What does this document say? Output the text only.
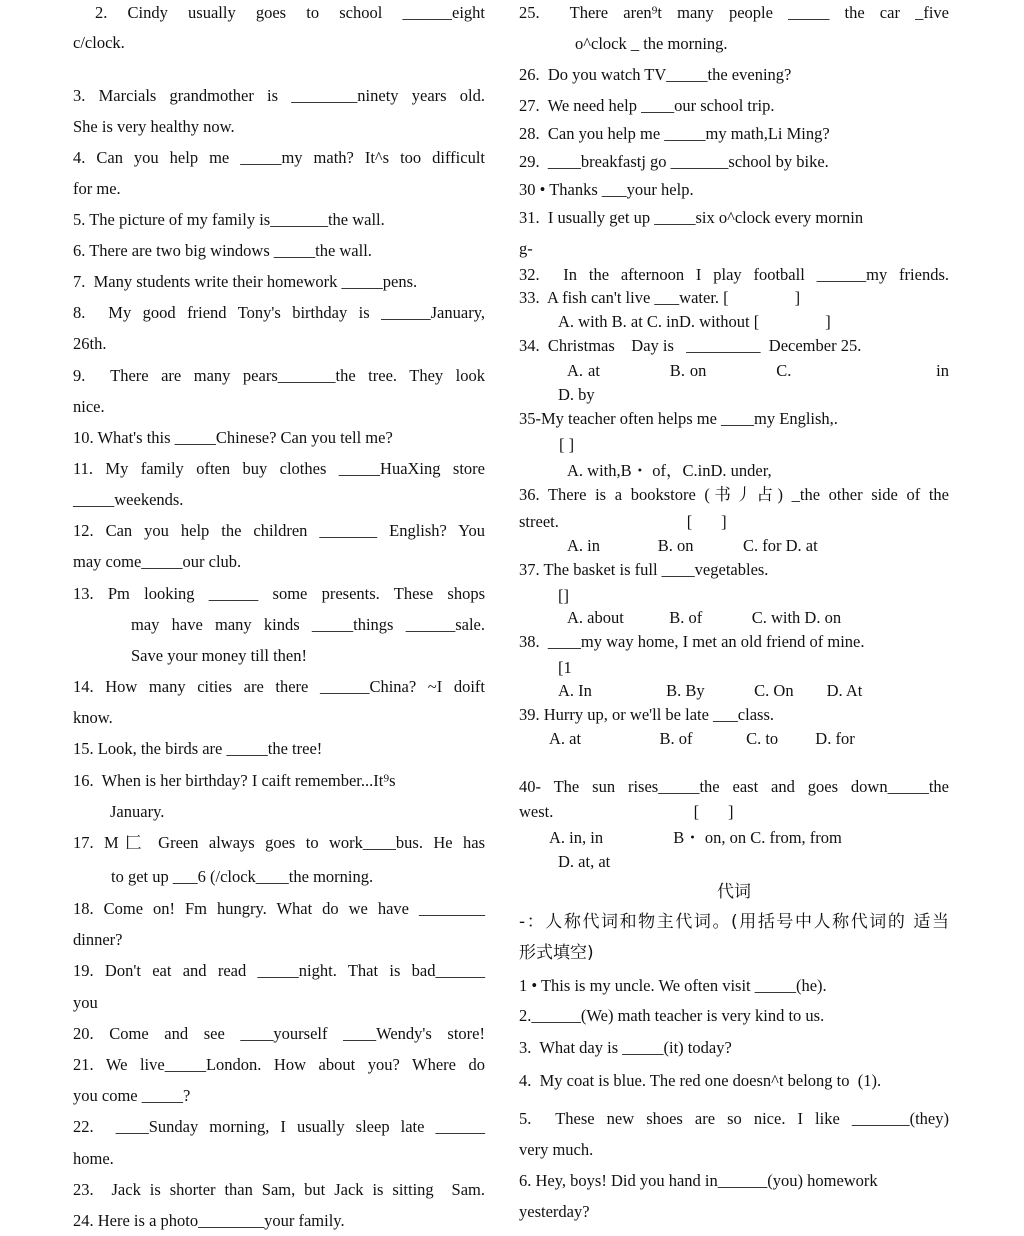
2. Cindy usually goes to school ______eight
c/clock.
3. Marcials grandmother is ________ninety years old.
She is very healthy now.
4. Can you help me _____my math? It^s too difficult
for me.
5. The picture of my family is_______the wall.
6. There are two big windows _____the wall.
7.  Many students write their homework _____pens.
8.  My good friend Tony's birthday is ______January,
26th.
9.  There are many pears_______the tree. They look
nice.
10. What's this _____Chinese? Can you tell me?
11. My family often buy clothes _____HuaXing store
_____weekends.
12. Can you help the children _______ English? You
may come_____our club.
13. Pm looking ______ some presents. These shops
may have many kinds _____things ______sale.
Save your money till then!
14. How many cities are there ______China? ~I doift
know.
15. Look, the birds are _____the tree!
16.  When is her birthday? I caift remember...It⁹s
January.
17. M匚 Green always goes to work____bus. He has
to get up ___6 (/clock____the morning.
18. Come on! Fm hungry. What do we have ________
dinner?
19. Don't eat and read _____night. That is bad______
you
20. Come and see ____yourself ____Wendy's store!
21. We live_____London. How about you? Where do
you come _____?
22.  ____Sunday morning, I usually sleep late ______
home.
23.  Jack is shorter than Sam, but Jack is sitting  Sam.
24. Here is a photo________your family.
25.  There aren⁹t many people _____ the car _five
o^clock _ the morning.
26.  Do you watch TV_____the evening?
27.  We need help ____our school trip.
28.  Can you help me _____my math,Li Ming?
29.  ____breakfastj go _______school by bike.
30 • Thanks ___your help.
31.  I usually get up _____six o^clock every mornin
g-
32.  In the afternoon I play football ______my friends.
33.  A fish can't live ___water. [                ]
A. with B. at C. inD. without [                ]
34.  Christmas    Day is   _________  December 25.
A. at              B. on              C.                             in
D. by
35-My teacher often helps me ____my English,.
[ ]
A. with,B・ of，C.inD. under,
36. There is a bookstore (书丿占) _the other side of the
street.                               [       ]
A. in              B. on            C. for D. at
37. The basket is full ____vegetables.
[]
A. about           B. of            C. with D. on
38.  ____my way home, I met an old friend of mine.
[1
A. In                  B. By            C. On        D. At
39. Hurry up, or we'll be late ___class.
A. at                   B. of             C. to         D. for
40- The sun rises_____the east and goes down_____the
west.                                  [       ]
A. in, in                 B・ on, on C. from, from
D. at, at
代词
-：人称代词和物主代词。(用括号中人称代词的 适当
形式填空)
1 • This is my uncle. We often visit _____(he).
2.______(We) math teacher is very kind to us.
3.  What day is _____(it) today?
4.  My coat is blue. The red one doesn^t belong to  (1).
5.  These new shoes are so nice. I like _______(they)
very much.
6. Hey, boys! Did you hand in______(you) homework
yesterday?
